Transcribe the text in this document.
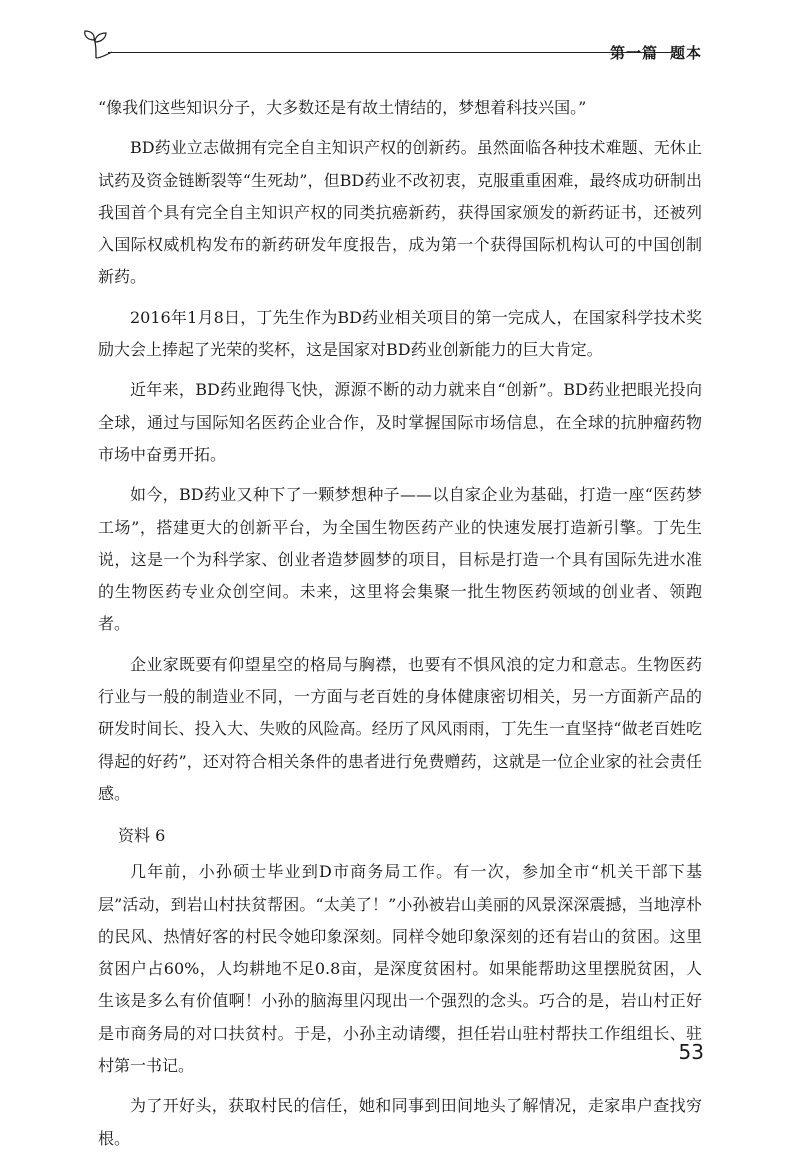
第一篇 题本

“像我们这些知识分子，大多数还是有故土情结的，梦想着科技兴国。”

BD药业立志做拥有完全自主知识产权的创新药。虽然面临各种技术难题、无休止试药及资金链断裂等“生死劫”，但BD药业不改初衷，克服重重困难，最终成功研制出我国首个具有完全自主知识产权的同类抗癌新药，获得国家颁发的新药证书，还被列入国际权威机构发布的新药研发年度报告，成为第一个获得国际机构认可的中国创制新药。

2016年1月8日，丁先生作为BD药业相关项目的第一完成人，在国家科学技术奖励大会上捧起了光荣的奖杯，这是国家对BD药业创新能力的巨大肯定。

近年来，BD药业跑得飞快，源源不断的动力就来自“创新”。BD药业把眼光投向全球，通过与国际知名医药企业合作，及时掌握国际市场信息，在全球的抗肿瘤药物市场中奋勇开拓。

如今，BD药业又种下了一颗梦想种子——以自家企业为基础，打造一座“医药梦工场”，搭建更大的创新平台，为全国生物医药产业的快速发展打造新引擎。丁先生说，这是一个为科学家、创业者造梦圆梦的项目，目标是打造一个具有国际先进水准的生物医药专业众创空间。未来，这里将会集聚一批生物医药领域的创业者、领跑者。

企业家既要有仰望星空的格局与胸襟，也要有不惧风浪的定力和意志。生物医药行业与一般的制造业不同，一方面与老百姓的身体健康密切相关，另一方面新产品的研发时间长、投入大、失败的风险高。经历了风风雨雨，丁先生一直坚持“做老百姓吃得起的好药”，还对符合相关条件的患者进行免费赠药，这就是一位企业家的社会责任感。

资料 6

几年前，小孙硕士毕业到D市商务局工作。有一次，参加全市“机关干部下基层”活动，到岩山村扶贫帮困。“太美了！”小孙被岩山美丽的风景深深震撼，当地淳朴的民风、热情好客的村民令她印象深刻。同样令她印象深刻的还有岩山的贫困。这里贫困户占60%，人均耕地不足0.8亩，是深度贫困村。如果能帮助这里摆脱贫困，人生该是多么有价值啊！小孙的脑海里闪现出一个强烈的念头。巧合的是，岩山村正好是市商务局的对口扶贫村。于是，小孙主动请缨，担任岩山驻村帮扶工作组组长、驻村第一书记。

为了开好头，获取村民的信任，她和同事到田间地头了解情况，走家串户查找穷根。

53
